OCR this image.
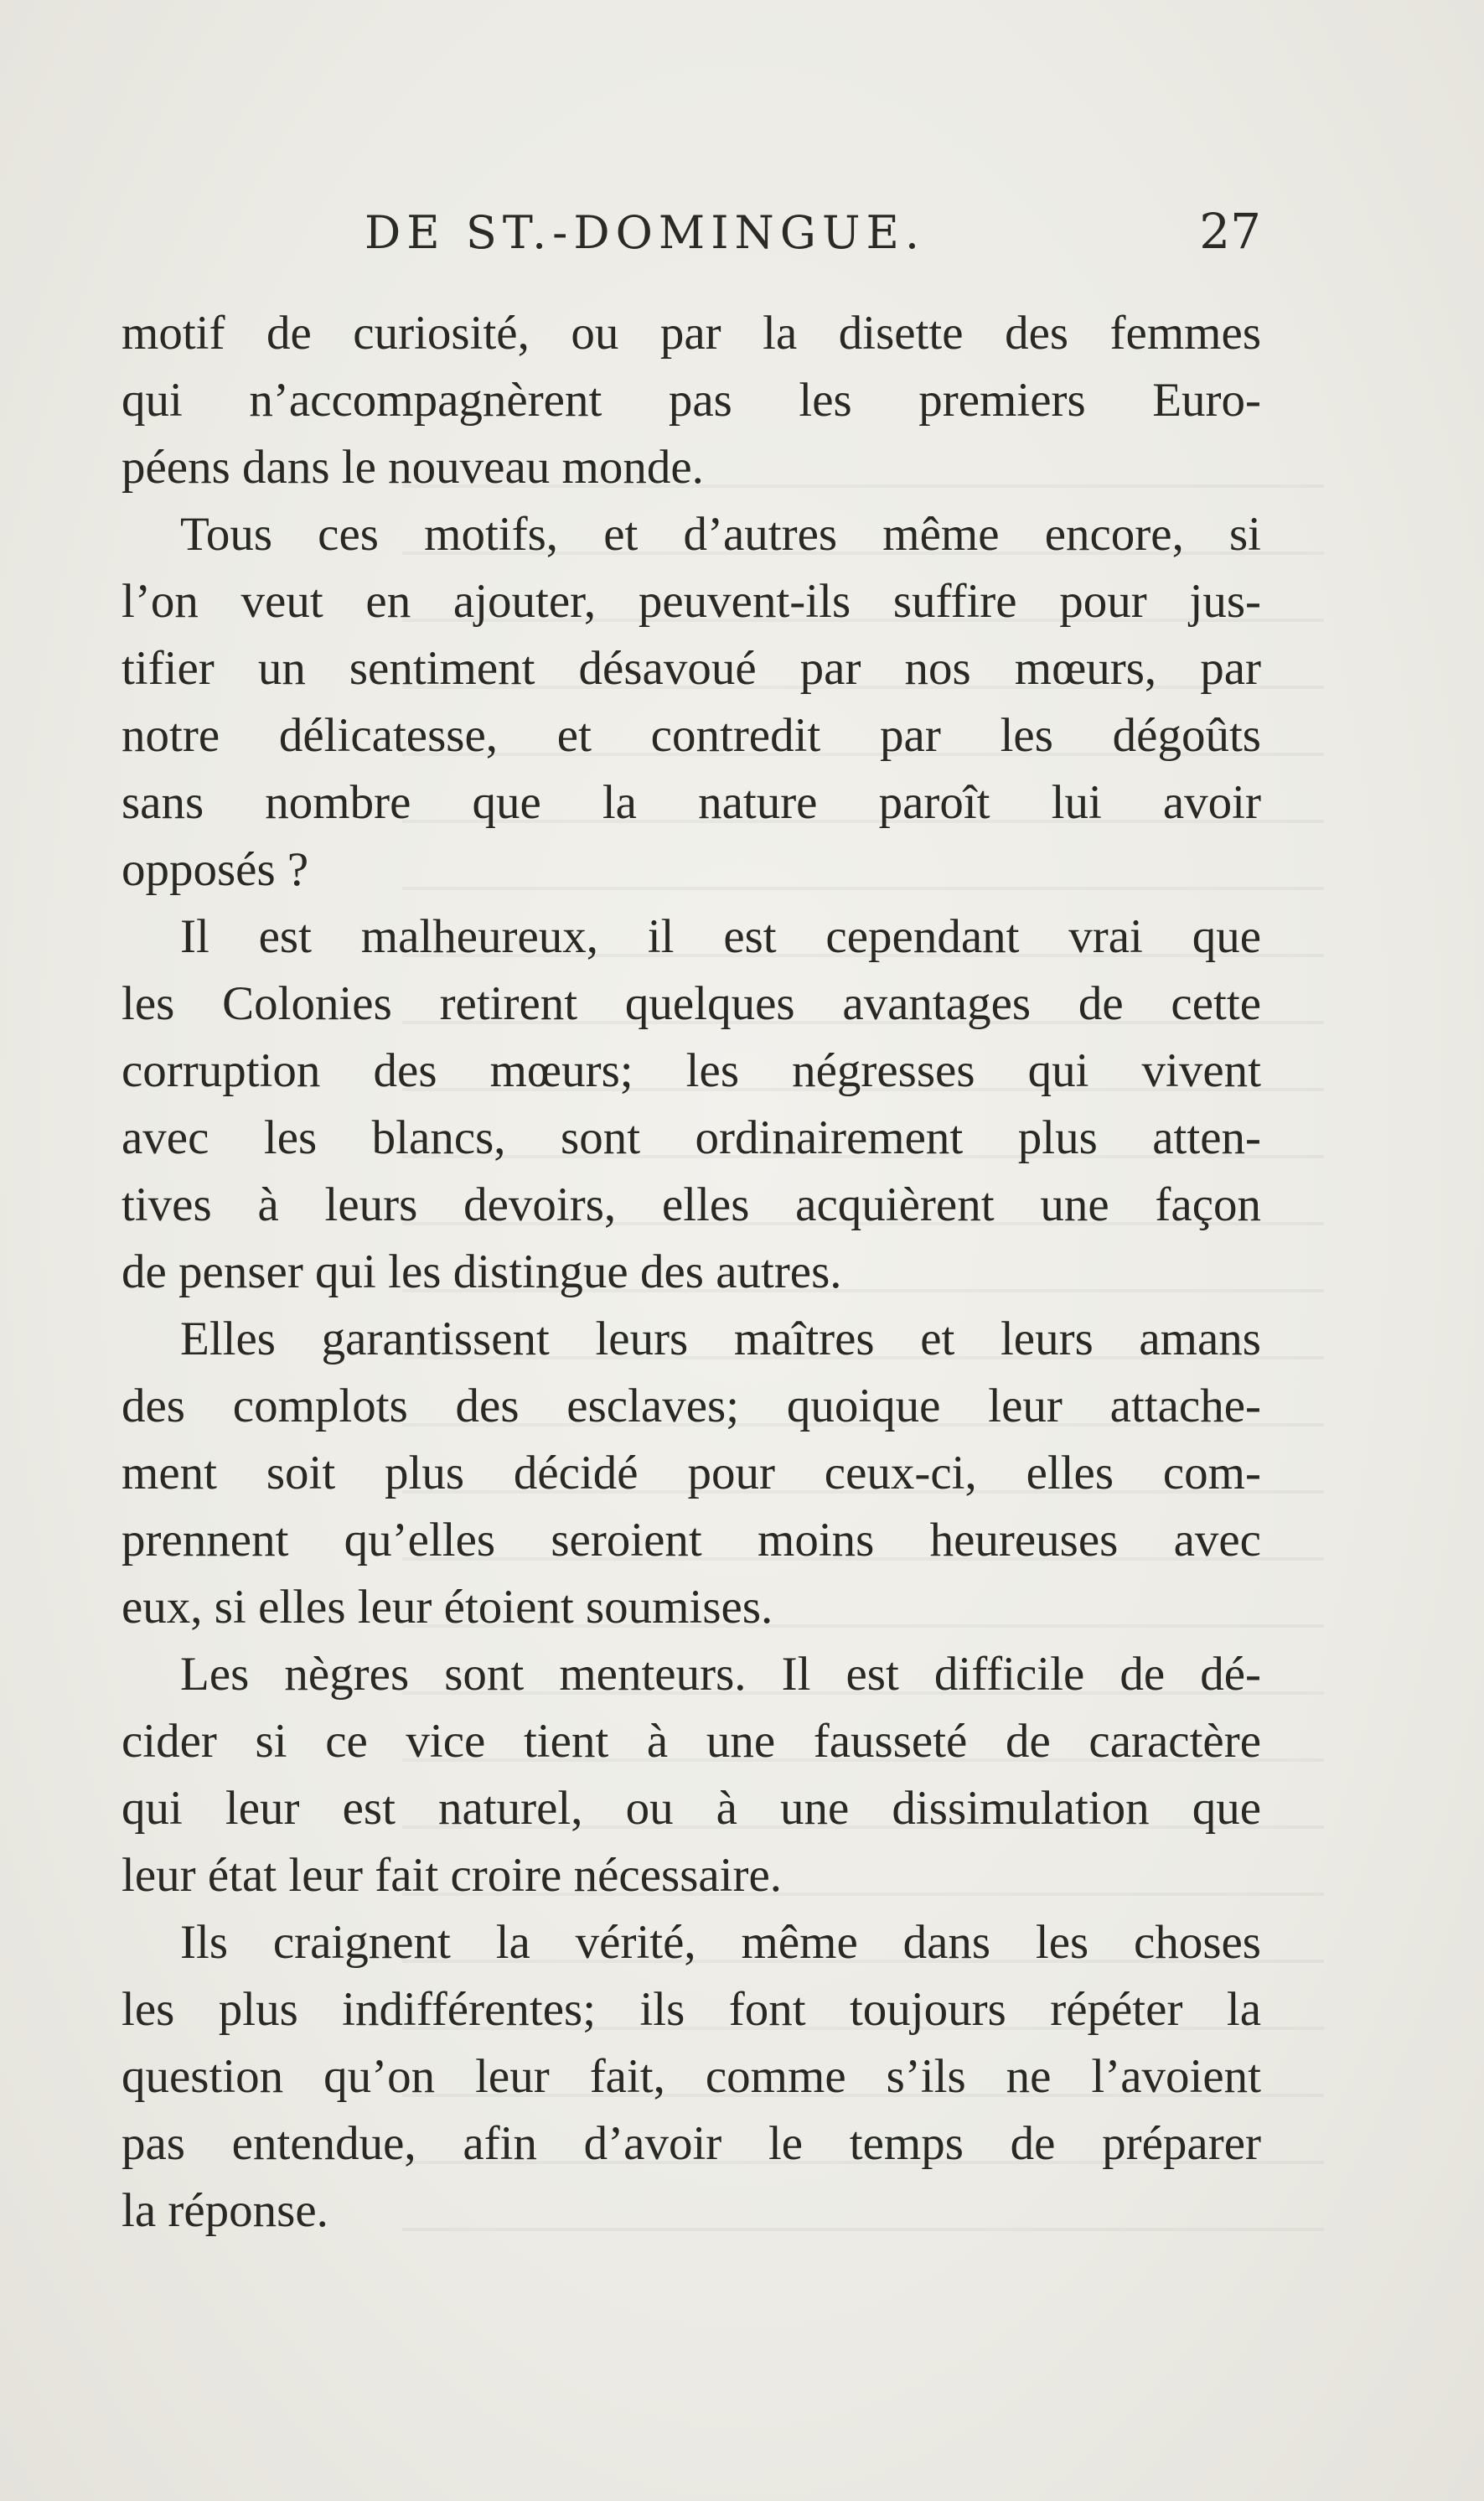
DE ST.-DOMINGUE.	27
motif de curiosité, ou par la disette des femmes
qui n’accompagnèrent pas les premiers Euro-
péens dans le nouveau monde.
Tous ces motifs, et d’autres même encore, si
l’on veut en ajouter, peuvent-ils suffire pour jus-
tifier un sentiment désavoué par nos mœurs, par
notre délicatesse, et contredit par les dégoûts
sans nombre que la nature paroît lui avoir
opposés ?
Il est malheureux, il est cependant vrai que
les Colonies retirent quelques avantages de cette
corruption des mœurs; les négresses qui vivent
avec les blancs, sont ordinairement plus atten-
tives à leurs devoirs, elles acquièrent une façon
de penser qui les distingue des autres.
Elles garantissent leurs maîtres et leurs amans
des complots des esclaves; quoique leur attache-
ment soit plus décidé pour ceux-ci, elles com-
prennent qu’elles seroient moins heureuses avec
eux, si elles leur étoient soumises.
Les nègres sont menteurs. Il est difficile de dé-
cider si ce vice tient à une fausseté de caractère
qui leur est naturel, ou à une dissimulation que
leur état leur fait croire nécessaire.
Ils craignent la vérité, même dans les choses
les plus indifférentes; ils font toujours répéter la
question qu’on leur fait, comme s’ils ne l’avoient
pas entendue, afin d’avoir le temps de préparer
la réponse.
